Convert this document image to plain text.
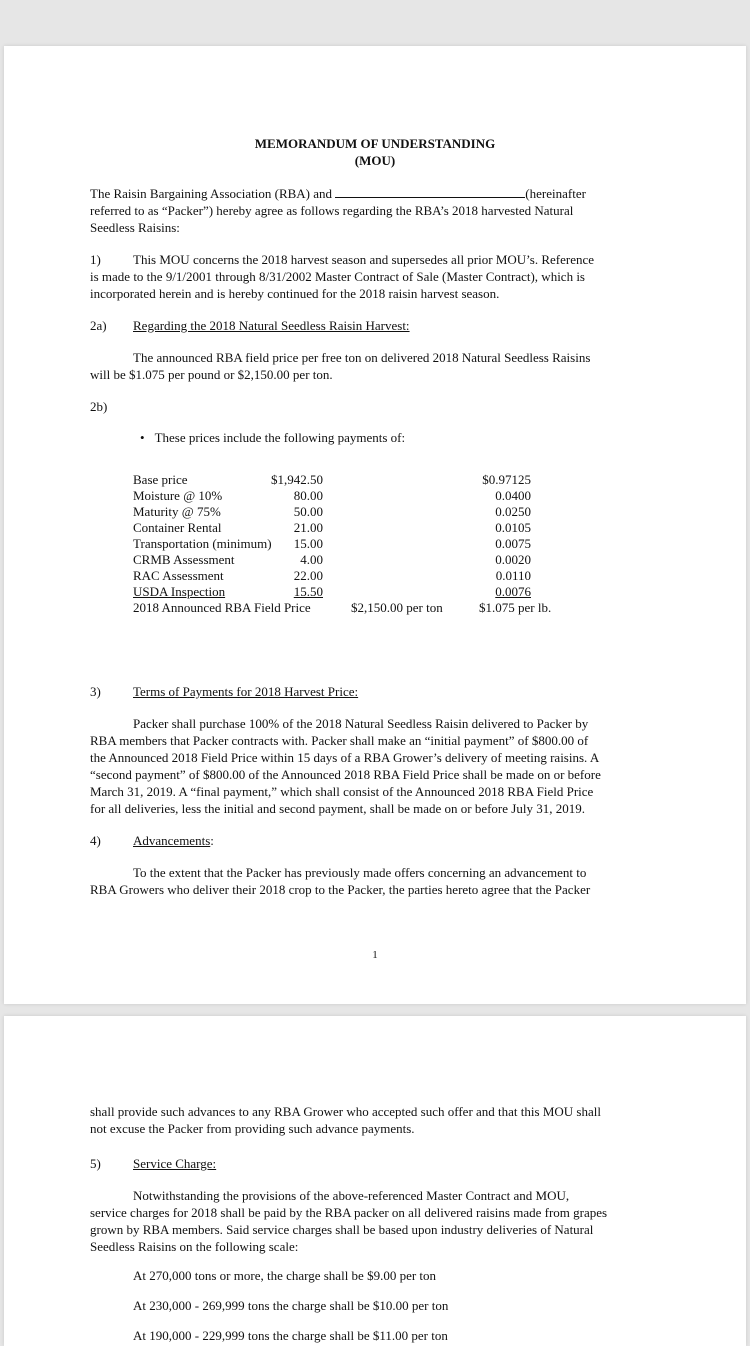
MEMORANDUM OF UNDERSTANDING
(MOU)
The Raisin Bargaining Association (RBA) and	(hereinafter
referred to as “Packer”) hereby agree as follows regarding the RBA’s 2018 harvested Natural
Seedless Raisins:
1) This MOU concerns the 2018 harvest season and supersedes all prior MOU’s. Reference
is made to the 9/1/2001 through 8/31/2002 Master Contract of Sale (Master Contract), which is
incorporated herein and is hereby continued for the 2018 raisin harvest season.
2a) Regarding the 2018 Natural Seedless Raisin Harvest:
The announced RBA field price per free ton on delivered 2018 Natural Seedless Raisins
will be $1.075 per pound or $2,150.00 per ton.
2b)
• These prices include the following payments of:
Base price	$1,942.50	$0.97125
Moisture @ 10%	80.00	0.0400
Maturity @ 75%	50.00	0.0250
Container Rental	21.00	0.0105
Transportation (minimum) 15.00	0.0075
CRMB Assessment	4.00	0.0020
RAC Assessment	22.00	0.0110
USDA Inspection	15.50	0.0076
2018 Announced RBA Field Price	$2,150.00 per ton	$1.075 per lb.
3) Terms of Payments for 2018 Harvest Price:
Packer shall purchase 100% of the 2018 Natural Seedless Raisin delivered to Packer by
RBA members that Packer contracts with. Packer shall make an “initial payment” of $800.00 of
the Announced 2018 Field Price within 15 days of a RBA Grower’s delivery of meeting raisins. A
“second payment” of $800.00 of the Announced 2018 RBA Field Price shall be made on or before
March 31, 2019. A “final payment,” which shall consist of the Announced 2018 RBA Field Price
for all deliveries, less the initial and second payment, shall be made on or before July 31, 2019.
4) Advancements:
To the extent that the Packer has previously made offers concerning an advancement to
RBA Growers who deliver their 2018 crop to the Packer, the parties hereto agree that the Packer
1
shall provide such advances to any RBA Grower who accepted such offer and that this MOU shall
not excuse the Packer from providing such advance payments.
5) Service Charge:
Notwithstanding the provisions of the above-referenced Master Contract and MOU,
service charges for 2018 shall be paid by the RBA packer on all delivered raisins made from grapes
grown by RBA members. Said service charges shall be based upon industry deliveries of Natural
Seedless Raisins on the following scale:
At 270,000 tons or more, the charge shall be $9.00 per ton
At 230,000 - 269,999 tons the charge shall be $10.00 per ton
At 190,000 - 229,999 tons the charge shall be $11.00 per ton
